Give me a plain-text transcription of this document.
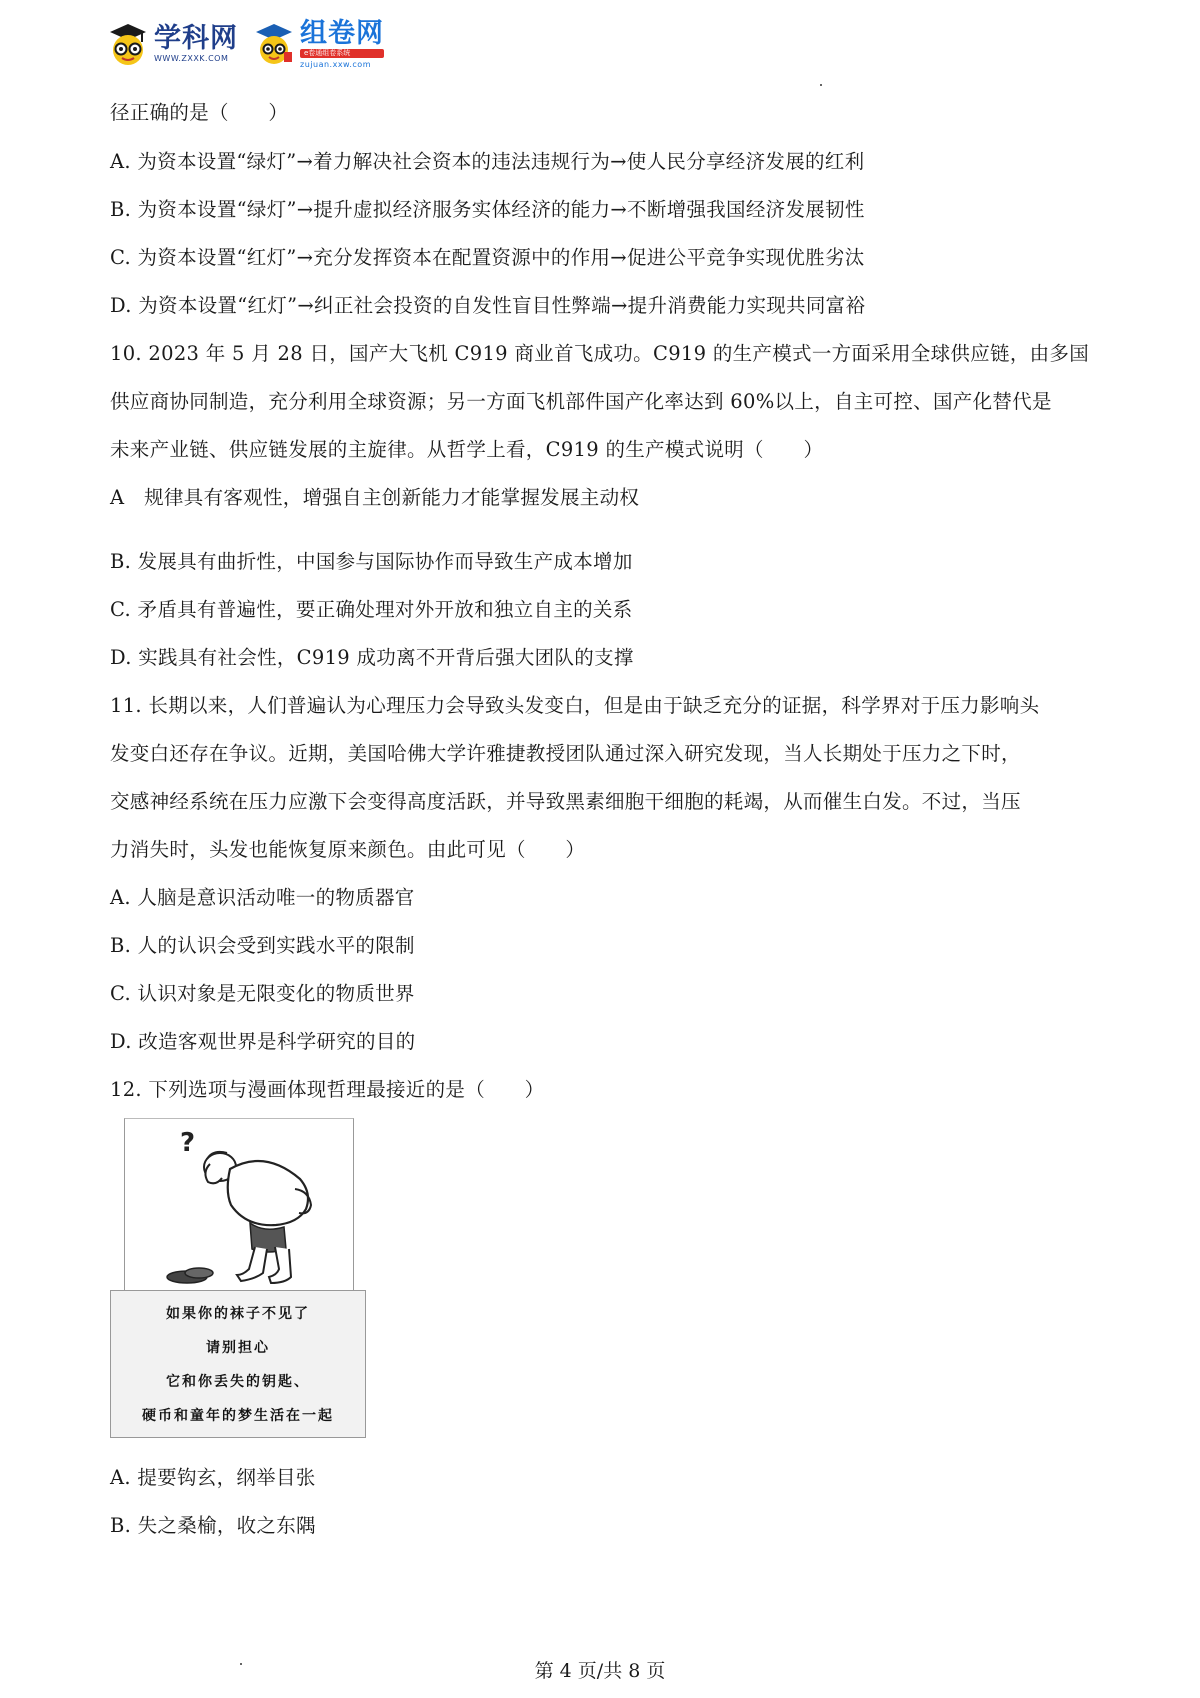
学科网
WWW.ZXXK.COM
组卷网
e卷通组卷系统
zujuan.xxw.com
径正确的是（　　）
A. 为资本设置“绿灯”→着力解决社会资本的违法违规行为→使人民分享经济发展的红利
B. 为资本设置“绿灯”→提升虚拟经济服务实体经济的能力→不断增强我国经济发展韧性
C. 为资本设置“红灯”→充分发挥资本在配置资源中的作用→促进公平竞争实现优胜劣汰
D. 为资本设置“红灯”→纠正社会投资的自发性盲目性弊端→提升消费能力实现共同富裕
10. 2023 年 5 月 28 日，国产大飞机 C919 商业首飞成功。C919 的生产模式一方面采用全球供应链，由多国
供应商协同制造，充分利用全球资源；另一方面飞机部件国产化率达到 60%以上，自主可控、国产化替代是
未来产业链、供应链发展的主旋律。从哲学上看，C919 的生产模式说明（　　）
A　规律具有客观性，增强自主创新能力才能掌握发展主动权
B. 发展具有曲折性，中国参与国际协作而导致生产成本增加
C. 矛盾具有普遍性，要正确处理对外开放和独立自主的关系
D. 实践具有社会性，C919 成功离不开背后强大团队的支撑
11. 长期以来，人们普遍认为心理压力会导致头发变白，但是由于缺乏充分的证据，科学界对于压力影响头
发变白还存在争议。近期，美国哈佛大学许雅捷教授团队通过深入研究发现，当人长期处于压力之下时，
交感神经系统在压力应激下会变得高度活跃，并导致黑素细胞干细胞的耗竭，从而催生白发。不过，当压
力消失时，头发也能恢复原来颜色。由此可见（　　）
A. 人脑是意识活动唯一的物质器官
B. 人的认识会受到实践水平的限制
C. 认识对象是无限变化的物质世界
D. 改造客观世界是科学研究的目的
12. 下列选项与漫画体现哲理最接近的是（　　）
?
如果你的袜子不见了
请别担心
它和你丢失的钥匙、
硬币和童年的梦生活在一起
A. 提要钩玄，纲举目张
B. 失之桑榆，收之东隅
第 4 页/共 8 页
